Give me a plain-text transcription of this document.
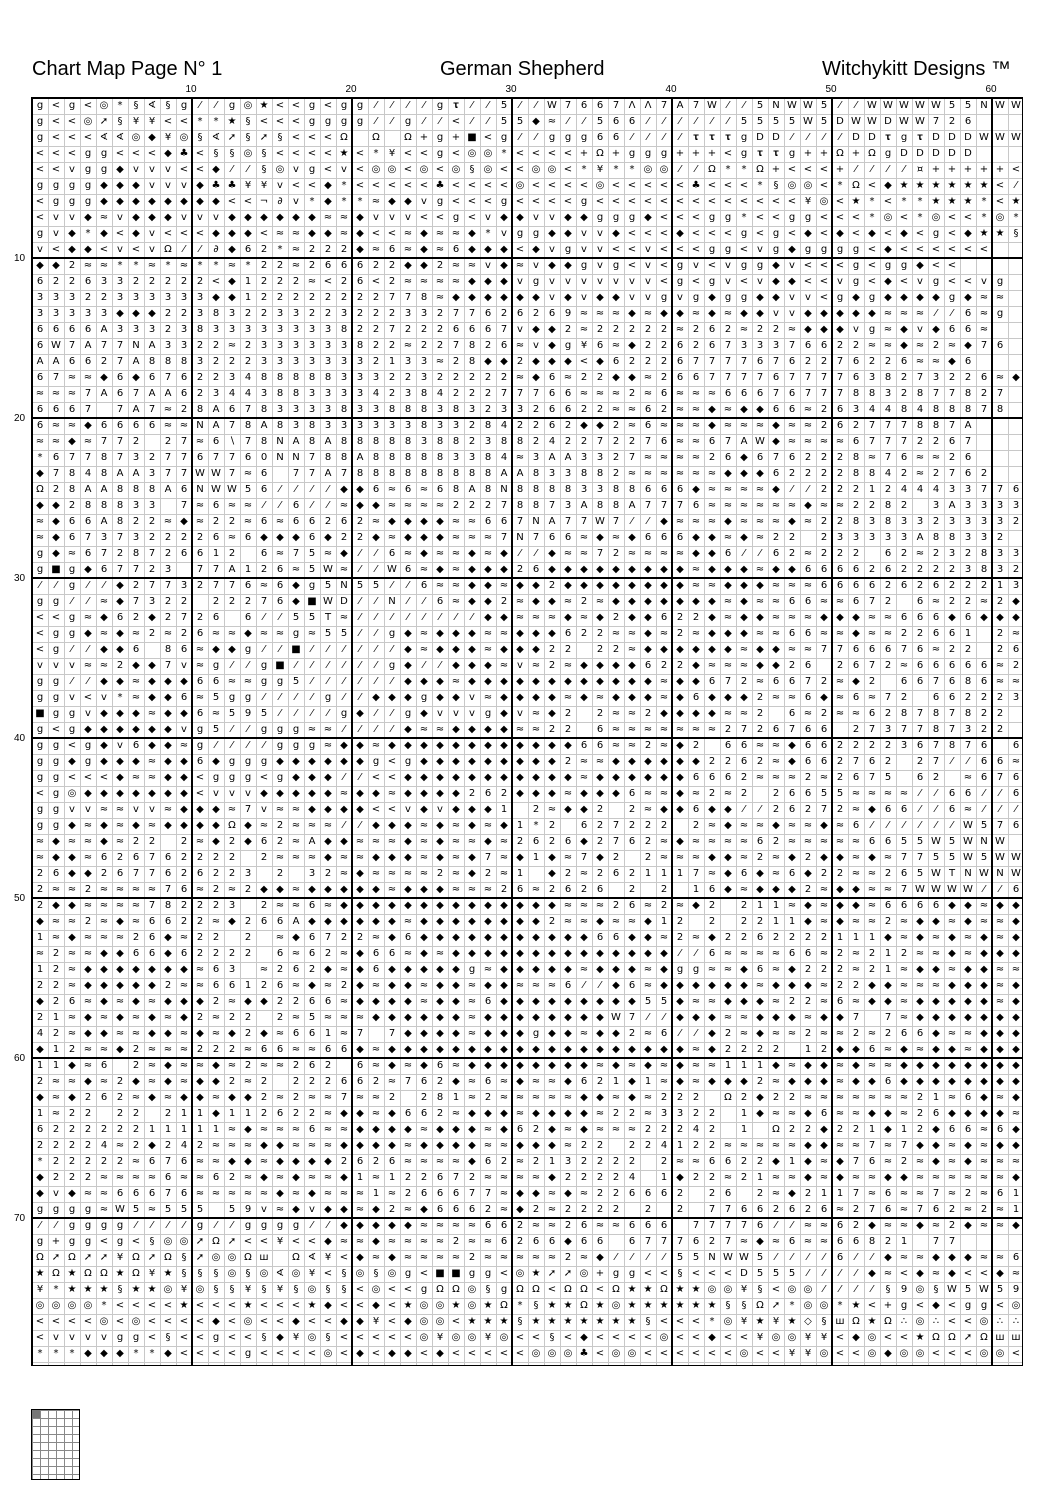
Chart Map Page N° 1	German Shepherd	Witchykitt Designs ™
10	20	30	40	50	60
10
20
30
40
50
60
70
g < g < ◎ * § ∢ § g ⁄ ⁄ g ◎ ★ < < g < g g ⁄ ⁄ ⁄ ⁄ g 𝛕 ⁄ ⁄ 5 ⁄ ⁄ W 7 6 6 7 Λ Λ 7 A 7 W ⁄ ⁄ 5 N W W 5 ⁄ ⁄ W W W W W 5 5 N W W
g < < ◎ ➚ § ¥ ¥ < < * * ★ § < < < g g g g ⁄ ⁄ g ⁄ ⁄ < ⁄ ⁄ 5 5 ◆ ≈ ⁄ ⁄ 5 6 6 ⁄ ⁄ ⁄ ⁄ ⁄ ⁄ 5 5 5 5 W 5 D W W D W W 7 2 6
g < < < ∢ ∢ ◎ ◆ ¥ ◎ § ∢ ➚ § ➚ § < < < Ω Ω Ω + g + ■ < g ⁄ ⁄ g g g 6 6 ⁄ ⁄ ⁄ ⁄ 𝛕 𝛕 𝛕 g D D ⁄ ⁄ ⁄ ⁄ D D 𝛕 g 𝛕 D D D W W W
< < < g g < < < ◆ ♣ < § § ◎ § < < < < ★ < * ¥ < < g < ◎ ◎ * < < < < + Ω + g g g + + + < g 𝛕 𝛕 g + + Ω + Ω g D D D D D
< < v g g ◆ v v v < < ◆ ⁄ ⁄ § ◎ v g < v < ◎ ◎ < ◎ < ◎ § ◎ < < ◎ ◎ < * ¥ * * ◎ ◎ ⁄ ⁄ Ω * * Ω + < < < + ⁄ ⁄ ⁄ ⁄ ¤ + + + + + <
g g g g ◆ ◆ ◆ v v v ◆ ♣ ♣ ¥ ¥ v < < ◆ * < < < < < ♣ < < < < ◎ < < < < ◎ < < < < < ♣ < < < * § ◎ ◎ < * Ω < ◆ ★ ★ ★ ★ ★ ★ < ⁄
< g g g ◆ ◆ ◆ ◆ ◆ ◆ ◆ ◆ < < ¬ ∂ v * ◆ * * ≈ ◆ ◆ v g < < < g < < < < g < < < < < < < < < < < < < ¥ ◎ < ★ * < * * ★ ★ ★ * < ★
< v v ◆ ≈ v ◆ ◆ ◆ v v v ◆ ◆ ◆ ◆ ◆ ◆ ≈ ≈ ◆ v v v < < g < v ◆ ◆ v v ◆ ◆ g g g ◆ < < < g g * < < g g < < < * ◎ < * ◎ < < * ◎ *
g v ◆ * ◆ < ◆ v < < < ◆ ◆ ◆ < ≈ ≈ ◆ ◆ ≈ ◆ < < ≈ ◆ ≈ ≈ ◆ * v g g ◆ ◆ v v ◆ < < < ◆ < < < g < g < ◆ < ◆ < ◆ < ◆ < g < ◆ ★ ★ §
v < ◆ ◆ < v < v Ω ⁄ ⁄ ∂ ◆ 6 2 * ≈ 2 2 2 ◆ ≈ 6 ≈ ◆ ≈ 6 ◆ ◆ ◆ < ◆ v g v v < < v < < < g g < v g ◆ g g g g < ◆ < < < < < <
◆ ◆ 2 ≈ ≈ * * ≈ * ≈ * * ≈ * 2 2 ≈ 2 6 6 6 2 2 ◆ ◆ 2 ≈ ≈ v ◆ ≈ v ◆ ◆ g v g < v < g v < v g g ◆ v < < < g < g g ◆ < <
6 2 2 6 3 3 2 2 2 2 2 < ◆ 1 2 2 2 ≈ < 2 6 < 2 ≈ ≈ ≈ ≈ ◆ ◆ ◆ v g v v v v v v v < g < g v < v ◆ ◆ < < v g < ◆ < v g < < v g
3 3 3 2 2 3 3 3 3 3 3 ◆ ◆ 1 2 2 2 2 2 2 2 2 7 7 8 ≈ ◆ ◆ ◆ ◆ ◆ ◆ v ◆ v ◆ ◆ v v g v g ◆ g g ◆ ◆ v v < g ◆ g ◆ ◆ ◆ ◆ g ◆ ≈ ≈
3 3 3 3 3 ◆ ◆ ◆ 2 2 3 8 3 2 2 3 3 2 2 3 2 2 2 3 3 2 7 7 6 2 6 2 6 9 ≈ ≈ ≈ ◆ ≈ ◆ ◆ ≈ ◆ ≈ ◆ ◆ v v ◆ ◆ ◆ ◆ ◆ ≈ ≈ ≈ ⁄ ⁄ 6 ≈ g
6 6 6 6 A 3 3 3 2 3 8 3 3 3 3 3 3 3 3 8 2 2 7 2 2 2 6 6 6 7 v ◆ ◆ 2 ≈ 2 2 2 2 2 ≈ 2 6 2 ≈ 2 2 ≈ ◆ ◆ ◆ v g ≈ ◆ v ◆ 6 6 ≈
6 W 7 A 7 7 N A 3 3 2 2 ≈ 2 3 3 3 3 3 3 8 2 2 ≈ 2 2 7 8 2 6 ≈ v ◆ g ¥ 6 ≈ ◆ 2 2 6 2 6 7 3 3 3 7 6 6 2 2 ≈ ≈ ◆ ≈ 2 ≈ ◆ 7 6
A A 6 6 2 7 A 8 8 8 3 2 2 2 3 3 3 3 3 3 3 2 1 3 3 ≈ 2 8 ◆ ◆ 2 ◆ ◆ ◆ < ◆ 6 2 2 2 6 7 7 7 7 6 7 6 2 2 7 6 2 2 6 ≈ ≈ ◆ 6
6 7 ≈ ≈ ◆ 6 ◆ 6 7 6 2 2 3 4 8 8 8 8 8 3 3 3 2 2 3 2 2 2 2 2 ≈ ◆ 6 ≈ 2 2 ◆ ◆ ≈ 2 6 6 7 7 7 7 6 7 7 7 7 6 3 8 2 7 3 2 2 6 ≈ ◆
≈ ≈ ≈ 7 A 6 7 A A 6 2 3 4 4 3 8 8 3 3 3 3 4 2 3 8 4 2 2 2 7 7 7 6 6 ≈ ≈ ≈ 2 ≈ 6 ≈ ≈ ≈ 6 6 6 7 6 7 7 7 8 8 3 2 8 7 7 8 2 7
6 6 6 7	7 A 7 ≈ 2 8 A 6 7 8 3 3 3 3 8 3 3 8 8 8 3 8 3 2 3 3 2 6 6 2 2 ≈ ≈ 6 2 ≈ ≈ ◆ ≈ ◆ ◆ 6 6 ≈ 2 6 3 4 4 8 4 8 8 8 7 8
6 ≈ ≈ ◆ 6 6 6 6 ≈ ≈ N A 7 8 A 8 3 8 3 3 3 3 3 3 8 3 3 2 8 4 2 2 6 2 ◆ ◆ 2 ≈ 6 ≈ ≈ ≈ ◆ ≈ ≈ ≈ ◆ ≈ ≈ 2 6 2 7 7 7 8 8 7 A
≈ ≈ ◆ ≈ 7 7 2	2 7 ≈ 6 ∖ 7 8 N A 8 A 8 8 8 8 8 3 8 8 2 3 8 8 2 4 2 2 7 2 2 7 6 ≈ ≈ 6 7 A W ◆ ≈ ≈ ≈ ≈ 6 7 7 7 2 2 6 7
* 6 7 7 8 7 3 2 7 7 6 7 7 6 0 N N 7 8 8 A 8 8 8 8 8 3 3 8 4 ≈ 3 A A 3 3 2 7 ≈ ≈ ≈ ≈ 2 6 ◆ 6 7 6 2 2 2 8 ≈ 7 6 ≈ ≈ 2 6
◆ 7 8 4 8 A A 3 7 7 W W 7 ≈ 6	7 7 A 7 8 8 8 8 8 8 8 8 8 A A 8 3 3 8 8 2 ≈ ≈ ≈ ≈ ≈ ≈ ◆ ◆ ◆ 6 2 2 2 2 8 8 4 2 ≈ 2 7 6 2
Ω 2 8 A A 8 8 8 A 6 N W W 5 6 ⁄ ⁄ ⁄ ⁄ ◆ ◆ 6 ≈ 6 ≈ 6 8 A 8 N 8 8 8 8 3 3 8 8 6 6 6 ◆ ≈ ≈ ≈ ≈ ◆ ⁄ ⁄ 2 2 2 1 2 4 4 4 3 3 7 7 6
◆ ◆ 2 8 8 8 3 3	7 ≈ 6 ≈ ≈ ⁄ ⁄ 6 ⁄ ⁄ ≈ ◆ ◆ ≈ ≈ ≈ ≈ 2 2 2 7 8 8 7 3 A 8 8 A 7 7 7 6 ≈ ≈ ≈ ≈ ≈ ≈ ◆ ≈ ≈ 2 2 8 2	3 A 3 3 3 3
≈ ◆ 6 6 A 8 2 2 ≈ ◆ ≈ 2 2 ≈ 6 ≈ 6 6 2 6 2 ≈ ◆ ◆ ◆ ◆ ≈ ≈ 6 6 7 N A 7 7 W 7 ⁄ ⁄ ◆ ≈ ≈ ≈ ◆ ≈ ≈ ≈ ◆ ≈ 2 2 8 3 8 3 3 2 3 3 3 3 2
≈ ◆ 6 7 3 7 3 2 2 2 2 6 ≈ 6 ◆ ◆ ◆ 6 ◆ 2 2 ◆ ≈ ◆ ◆ ◆ ≈ ≈ ≈ 7 N 7 6 6 ≈ ◆ ≈ ◆ 6 6 6 ◆ ◆ ≈ ◆ ≈ 2 2	2 3 3 3 3 3 A 8 8 3 3 2
g ◆ ≈ 6 7 2 8 7 2 6 6 1 2	6 ≈ 7 5 ≈ ◆ ⁄ ⁄ 6 ≈ ◆ ≈ ≈ ◆ ≈ ◆ ⁄ ⁄ ◆ ≈ ≈ 7 2 ≈ ≈ ≈ ≈ ◆ ◆ 6 ⁄ ⁄ 6 2 ≈ 2 2 2	6 2 ≈ 2 3 2 8 3 3
g ■ g ◆ 6 7 7 2 3	7 7 A 1 2 6 ≈ 5 W ≈ ⁄ ⁄ W 6 ≈ ◆ ≈ ◆ ◆ ◆ 2 6 ◆ ◆ ◆ ◆ ◆ ◆ ◆ ◆ ◆ ≈ ◆ ◆ ◆ ≈ ◆ ◆ 6 6 6 6 2 6 2 2 2 2 3 8 3 2
⁄ ⁄ g ⁄ ⁄ ◆ 2 7 7 3 2 7 7 6 ≈ 6 ◆ g 5 N 5 5 ⁄ ⁄ 6 ≈ ≈ ◆ ◆ ≈ ◆ ◆ 2 ◆ ◆ ◆ ◆ ◆ ◆ ◆ ◆ ≈ ≈ ◆ ◆ ◆ ≈ ≈ ≈ 6 6 6 6 2 6 2 6 2 2 2 1 3
g g ⁄ ⁄ ≈ ◆ 7 3 2 2	2 2 2 7 6 ◆ ■ W D ⁄ ⁄ N ⁄ ⁄ 6 ≈ ◆ ◆ 2 ≈ ◆ ◆ ≈ 2 ≈ ◆ ◆ ◆ ◆ ◆ ◆ ◆ ≈ ◆ ≈ ≈ 6 6 ≈ ≈ 6 7 2	6 ≈ 2 2 ≈ 2 ◆
< < g ≈ ◆ 6 2 ◆ 2 7 2 6	6 ⁄ ⁄ 5 5 T ≈ ⁄ ⁄ ⁄ ⁄ ⁄ ⁄ ⁄ ⁄ ◆ ◆ ≈ ≈ ≈ ◆ ≈ ◆ 2 ◆ ◆ 6 2 2 ◆ ≈ ◆ ◆ ≈ ≈ ≈ ◆ ◆ ◆ ≈ ≈ 6 6 6 ◆ 6 ◆ ◆ ◆
< g g ◆ ≈ ◆ ≈ 2 ≈ 2 6 ≈ ≈ ◆ ≈ ≈ g ≈ 5 5 ⁄ ⁄ g ◆ ≈ ◆ ◆ ◆ ≈ ≈ ◆ ◆ ◆ 6 2 2 ≈ ≈ ◆ ≈ 2 ≈ ◆ ◆ ◆ ≈ ≈ 6 6 ≈ ≈ ◆ ≈ ≈ 2 2 6 6 1	2 ≈
< g ⁄ ⁄ ◆ ◆ 6	8 6 ≈ ◆ ◆ g ⁄ ⁄ ■ ⁄ ⁄ ⁄ ⁄ ⁄ ⁄ ◆ ≈ ◆ ◆ ◆ ≈ ◆ ◆ ◆ 2 2	2 2 ≈ ◆ ◆ ◆ ◆ ◆ ◆ ≈ ◆ ◆ ≈ ≈ 7 7 6 6 6 7 6 ≈ 2 2	2 6
v v v ≈ ≈ 2 ◆ ◆ 7 v ≈ g ⁄ ⁄ g ■ ⁄ ⁄ ⁄ ⁄ ⁄ ⁄ g ◆ ⁄ ⁄ ◆ ◆ ◆ ≈ v ≈ 2 ≈ ◆ ◆ ◆ ◆ 6 2 2 ◆ ≈ ≈ ≈ ◆ ◆ 2 6	2 6 7 2 ≈ 6 6 6 6 6 ≈ 2
g g ⁄ ⁄ ◆ ◆ ≈ ◆ ◆ ◆ 6 6 ≈ ≈ g g 5 ⁄ ⁄ ⁄ ⁄ ⁄ ⁄ ◆ ◆ ◆ ≈ ◆ ◆ ◆ ◆ ◆ ◆ ◆ ◆ ◆ ◆ ◆ ◆ ≈ ◆ ◆ 6 7 2 ≈ 6 6 7 2 ≈ ◆ 2	6 6 7 6 8 6 ≈ ≈
g g v < v * ≈ ◆ ◆ 6 ≈ 5 g g ⁄ ⁄ ⁄ ⁄ g ⁄ ⁄ ◆ ◆ ◆ g ◆ ◆ v ≈ ◆ ◆ ◆ ◆ ≈ ◆ ≈ ◆ ◆ ◆ ≈ ◆ 6 ◆ ◆ ◆ 2 ≈ ≈ 6 ◆ ≈ 6 ≈ 7 2	6 6 2 2 2 3
■ g g v ◆ ◆ ◆ ≈ ◆ ◆ 6 ≈ 5 9 5 ⁄ ⁄ ⁄ ⁄ g ◆ ⁄ ⁄ g ◆ v v v g ◆ v ≈ ◆ 2	2 ≈ ≈ 2 ◆ ◆ ◆ ◆ ≈ ≈ 2	6 ≈ 2 ≈ ≈ 6 2 8 7 8 7 8 2 2
g < g ◆ ◆ ◆ ◆ ◆ ◆ v g 5 ⁄ ⁄ g g g ≈ ≈ ⁄ ⁄ ⁄ ⁄ ◆ ≈ ≈ ◆ ◆ ◆ ◆ ≈ ≈ 2 2	6 ≈ ≈ ≈ ≈ ≈ ≈ ≈ 2 7 2 6 7 6 6	2 7 3 7 7 8 7 3 2 2
g g < g ◆ v 6 ◆ ◆ ≈ g ⁄ ⁄ ⁄ ⁄ g g g ≈ ◆ ◆ ≈ ◆ ◆ ◆ ◆ ◆ ◆ ◆ ◆ ◆ ◆ ◆ ◆ 6 6 ≈ ≈ 2 ≈ ◆ 2	6 6 ≈ ≈ ◆ 6 6 2 2 2 2 3 6 7 8 7 6	6
g g ◆ g ◆ ◆ ◆ ≈ ◆ ◆ 6 ◆ g g g ◆ ◆ ◆ ◆ ◆ ◆ g < g ◆ ◆ ◆ ◆ ◆ ◆ ◆ ◆ ◆ 2 ≈ ≈ ◆ ◆ ◆ ◆ ◆ ◆ 2 2 6 2 ≈ ◆ 6 6 2 7 6 2	2 7 ⁄ ⁄ 6 6 ≈
g g < < < ◆ ≈ ≈ ◆ ◆ < g g g < g ◆ ◆ ◆ ⁄ ⁄ < < ◆ ◆ ◆ ◆ ◆ ◆ ◆ ◆ ◆ ◆ ◆ ≈ ◆ ◆ ◆ ◆ ◆ ◆ 6 6 6 2 ≈ ≈ ≈ 2 ≈ 2 6 7 5	6 2 ≈ 6 7 6
< g ◎ ◆ ◆ ◆ ◆ ◆ ◆ ◆ < v v v ◆ ◆ ◆ ◆ ◆ ≈ ◆ ◆ ≈ ◆ ◆ ◆ ◆ 2 6 2 ◆ ◆ ◆ ≈ ◆ ◆ ◆ 6 ≈ ≈ ◆ ≈ 2 ≈ 2	2 6 6 5 5 ≈ ≈ ≈ ≈ ⁄ ⁄ 6 6 ⁄ ⁄ 6
g g v v ≈ ≈ v v ≈ ◆ ◆ ◆ ≈ 7 v ≈ ≈ ◆ ◆ ◆ ◆ < < v ◆ v ◆ ◆ ◆ 1	2 ≈ ◆ ◆ 2	2 ≈ ◆ ◆ 6 ◆ ◆ ⁄ ⁄ 2 6 2 7 2 ≈ ◆ 6 6 ⁄ ⁄ 6 ≈ ⁄ ⁄ ⁄
g g ◆ ≈ ◆ ≈ ◆ ≈ ◆ ◆ ◆ ◆ Ω ◆ ≈ 2 ≈ ≈ ≈ ⁄ ⁄ ◆ ◆ ◆ ≈ ◆ ≈ ◆ ≈ ◆ 1 * 2	6 2 7 2 2 2	2 ≈ ◆ ≈ ≈ ◆ ≈ ≈ ◆ ≈ 6 ⁄ ⁄ ⁄ ⁄ ⁄ ⁄ W 5 7 6
≈ ◆ ≈ ≈ ◆ ≈ 2 2	2 ≈ ◆ 2 ◆ 6 2 ≈ A ◆ ◆ ≈ ≈ ≈ ◆ ≈ ◆ ≈ ≈ ◆ ≈ 2 6 2 6 ◆ 2 7 6 2 ≈ ◆ ≈ ≈ ≈ ≈ 6 2 ≈ ≈ ≈ ≈ ≈ 6 6 5 5 W 5 W N W
≈ ◆ ◆ ≈ 6 2 6 7 6 2 2 2 2	2 ≈ ≈ ≈ ◆ ≈ ≈ ◆ ◆ ◆ ≈ ◆ ≈ ◆ 7 ≈ ◆ 1 ◆ ≈ 7 ◆ 2	2 ≈ ≈ ≈ ◆ ◆ ≈ 2 ≈ ◆ 2 ◆ ◆ ≈ ◆ ≈ 7 7 5 5 W 5 W W
2 6 ◆ ◆ 2 6 7 7 6 2 6 2 2 3	2	3 2 ≈ ◆ ≈ ≈ ≈ ≈ 2 ≈ ◆ 2 ≈ 1 ◆ 2 ≈ 2 6 2 1 1 1 7 ≈ ◆ 6 ◆ ≈ 6 ◆ 2 2 ≈ ≈ 2 6 5 W T N W N W
2 ≈ ≈ 2 ≈ ≈ ≈ ≈ 7 6 ≈ 2 ≈ 2 ◆ ◆ ≈ ◆ ◆ ◆ ◆ ◆ ≈ ◆ ◆ ◆ ≈ ≈ ≈ 2 6 ≈ 2 6 2 6	2	2	1 6 ◆ ≈ ◆ ◆ ◆ 2 ≈ ◆ ◆ ≈ ≈ 7 W W W W ⁄ ⁄ 6
2 ◆ ◆ ≈ ≈ ≈ ≈ 7 8 2 2 2 3	2 ≈ ≈ 6 ≈ ◆ ◆ ◆ ◆ ◆ ◆ ◆ ◆ ◆ ◆ ◆ ◆ ◆ ◆ ≈ ≈ ≈ 2 6 ≈ 2 ≈ ◆ 2	2 1 1 ≈ ◆ ≈ ◆ ◆ ≈ 6 6 6 6 ◆ ◆ ≈ ◆ ◆
◆ ≈ ≈ 2 ≈ ◆ ≈ 6 6 2 2 ≈ ◆ 2 6 6 A ◆ ◆ ◆ ◆ ◆ ◆ ≈ ◆ ◆ ◆ ◆ ◆ ◆ ◆ ◆ 2 ≈ ≈ ◆ ≈ ≈ ◆ 1 2	2	2 2 1 1 ◆ ≈ ◆ ≈ ≈ 2 ≈ ◆ ◆ ≈ ◆ ≈ ≈ ◆
1 ≈ ◆ ≈ ≈ ≈ 2 6 ◆ ≈ 2 2	2 ≈ ◆ 6 7 2 2 ≈ ◆ 6 ◆ ◆ ◆ ◆ ◆ ◆ ◆ ◆ ◆ ◆ ◆ 6 6 ◆ ◆ ≈ 2 ≈ ◆ 2 2 6 2 2 2 2 1 1 1 ◆ ≈ ◆ ≈ ◆ ≈ ◆ ≈ ◆
≈ 2 ≈ ≈ ◆ ◆ 6 6 ◆ 6 2 2 2 2	6 ≈ 6 2 ≈ ◆ 6 6 ≈ ◆ ≈ ◆ ◆ ◆ ◆ ◆ ◆ ◆ ◆ ◆ ◆ ◆ ◆ ◆ ◆ ⁄ ⁄ 6 ≈ ≈ ≈ ≈ 6 6 ≈ 2 ≈ 2 1 2 ≈ ≈ ◆ ≈ ◆ ◆ ◆
1 2 ≈ ◆ ◆ ◆ ◆ ◆ ◆ ◆ ≈ 6 3 ≈ 2 6 2 ◆ ≈ ◆ 6 ◆ ◆ ◆ ◆ ◆ g ≈ ◆ ◆ ◆ ◆ ◆ ≈ ◆ ◆ ◆ ≈ ◆ g g ≈ ≈ ◆ 6 ≈ ◆ 2 2 2 ≈ 2 1 ≈ ◆ ◆ ≈ ◆ ◆ ≈ ≈
2 2 ≈ ◆ ◆ ◆ ◆ ◆ 2 ≈ ≈ 6 6 1 2 6 ≈ ◆ ≈ 2 ◆ ≈ ◆ ◆ ≈ ◆ ◆ ≈ ◆ ◆ ≈ ≈ ≈ 6 ⁄ ⁄ ◆ 6 ≈ ◆ ◆ ◆ ◆ ◆ ◆ ≈ ◆ ◆ ◆ ≈ 2 2 ◆ ◆ ≈ ≈ ≈ ◆ ◆ ◆ ≈ ◆
◆ 2 6 ≈ ◆ ≈ ◆ ≈ ◆ ◆ ◆ 2 ≈ ◆ ◆ 2 2 6 6 ≈ ◆ ◆ ◆ ◆ ≈ ◆ ◆ ≈ 6 ◆ ◆ ◆ ◆ ◆ ◆ ◆ ◆ ◆ 5 5 ◆ ≈ ≈ ◆ ◆ ◆ ≈ 2 2 ≈ 6 ≈ ◆ ◆ ≈ ◆ ◆ ◆ ◆ ◆ ≈ ◆
2 1 ≈ ◆ ≈ ◆ ≈ ◆ ≈ ◆ 2 ≈ 2 2	2 ≈ 5 ≈ ≈ ≈ ◆ ◆ ◆ ◆ ◆ ◆ ≈ ◆ ◆ ◆ ◆ ◆ ◆ ◆ ◆ W 7 ⁄ ⁄ ◆ ◆ ◆ ≈ ≈ ◆ ◆ ◆ ≈ ◆ ◆ 7	7 ≈ ◆ ◆ ◆ ◆ ◆ ◆ ◆
4 2 ≈ ◆ ◆ ≈ ≈ ◆ ◆ ≈ ◆ ≈ ◆ 2 ◆ ≈ 6 6 1 ≈ 7	7 ◆ ◆ ◆ ◆ ≈ ◆ ◆ ◆ g ◆ ◆ ≈ ◆ ◆ 2 ≈ 6 ⁄ ⁄ ◆ 2 ≈ ◆ ≈ ≈ 2 ≈ ≈ 2 ≈ 2 6 6 ◆ ≈ ≈ ◆ ◆ ◆
◆ 1 2 ≈ ≈ ◆ 2 ≈ ≈ ≈ 2 2 2 ≈ 6 6 ≈ ≈ 6 6 ◆ ≈ ◆ ◆ ◆ ◆ ◆ ◆ ◆ ◆ ◆ ◆ ◆ ◆ ◆ ◆ ◆ ◆ ◆ ◆ ◆ ≈ ◆ 2 2 2 2	1 2 ◆ ◆ 6 ≈ ◆ ≈ ◆ ◆ ≈ ◆ ◆ ◆
1 1 ◆ ≈ 6	2 ≈ ◆ ≈ ≈ ◆ ≈ 2 ≈ ≈ 2 6 2	6 ≈ ◆ ≈ ◆ 6 ≈ ◆ ◆ ◆ ◆ ◆ ◆ ◆ ◆ ≈ ◆ ≈ ◆ ≈ ◆ ≈ ≈ 1 1 1 ◆ ≈ ◆ ◆ ≈ ◆ ≈ ≈ ◆ ◆ ◆ ◆ ◆ ◆ ◆ ◆
2 ≈ ≈ ◆ ≈ 2 ◆ ≈ ◆ ≈ ◆ ◆ 2 ≈ 2	2 2 2 6 6 2 ≈ 7 6 2 ◆ ≈ 6 ≈ ◆ ≈ ≈ ◆ 6 2 1 ◆ 1 ≈ ◆ ≈ ◆ ◆ ◆ 2 ≈ ◆ ◆ ◆ ≈ ◆ ◆ 6 ◆ ◆ ◆ ◆ ◆ ◆ ◆ ◆
◆ ≈ ◆ 2 6 2 ≈ ◆ ≈ ◆ ◆ ≈ ◆ ◆ 2 ≈ 2 ≈ ≈ 7 ≈ ≈ 2	2 8 1 ≈ 2 ≈ ≈ ≈ ≈ ≈ ◆ ◆ ≈ ◆ ≈ 2 2 2 Ω 2 ◆ 2 2 ≈ ≈ ≈ ≈ ≈ ≈ ≈ 2 1 ≈ 6 ◆ ≈ ◆
1 ≈ 2 2	2 2	2 1 1 ◆ 1 1 2 6 2 2 ≈ ◆ ◆ ≈ ◆ 6 6 2 ≈ ◆ ◆ ◆ ≈ ◆ ◆ ◆ ◆ ≈ 2 2 ≈ 3 3 2 2	1 ◆ ≈ ≈ ◆ 6 ≈ ≈ ◆ ◆ ≈ 2 6 ◆ ◆ ◆ ◆ ≈
6 2 2 2 2 2 2 1 1 1 1 1 ≈ ◆ ≈ ≈ ≈ 6 ≈ ≈ ◆ ◆ ◆ ◆ ≈ ◆ ◆ ◆ ≈ ◆ 6 2 ◆ ≈ ◆ ≈ ≈ ≈ 2 2 2 4 2	1 Ω 2 2 ◆ 2 2 1 ◆ 1 2 ◆ 6 6 ≈ 6 ◆
2 2 2 2 4 ≈ 2 ◆ 2 4 2 ≈ ≈ ≈ ◆ ◆ ≈ ≈ ≈ ◆ ◆ ◆ ◆ ≈ ◆ ◆ ◆ ◆ ≈ ≈ ◆ ◆ ◆ ≈ 2 2	2 2 4 1 2 2 ≈ ≈ ≈ ≈ ≈ ◆ ◆ ≈ ≈ 7 ≈ 7 ◆ ◆ ≈ ◆ ≈ ◆ ◆
* 2 2 2 2 2 ≈ 6 7 6 ≈ ≈ ◆ ◆ ≈ ◆ ◆ ◆ ◆ 2 6 2 6 ≈ ≈ ≈ ≈ ◆ 6 2 ≈ 2 1 3 2 2 2 2	2 ≈ ≈ 6 6 2 2 ◆ 1 ◆ ≈ ◆ 7 6 ≈ 2 ≈ ◆ ≈ ◆ ≈ ≈ ≈
◆ 2 2 2 ≈ ≈ ≈ ≈ 6 ≈ ≈ 6 2 ≈ ◆ ≈ ◆ ≈ ≈ ◆ 1 ≈ 1 2 2 6 7 2 ≈ ≈ ≈ ≈ ◆ 2 2 2 2 4	1 ◆ 2 2 ≈ 2 1 ≈ ≈ ◆ ≈ ◆ ≈ ≈ ◆ ◆ ≈ ≈ ≈ ≈ ≈ ≈ ◆
◆ v ◆ ≈ ≈ 6 6 6 7 6 ≈ ≈ ≈ ≈ ≈ ◆ ≈ ◆ ≈ ≈ ≈ 1 ≈ 2 6 6 6 7 7 ≈ ◆ ◆ ≈ ◆ ≈ 2 2 6 6 6 2	2 6	2 ≈ ◆ 2 1 1 7 ≈ 6 ≈ ≈ 7 ≈ 2 ≈ 6 1
g g g g ≈ W 5 ≈ 5 5 5	5 9 v ≈ ◆ v ◆ ◆ ≈ ◆ 2 ≈ ◆ 6 6 6 2 ≈ ◆ 2 ≈ 2 2 2 2	2	2	7 7 6 6 2 6 2 6 ≈ 2 7 6 ≈ 7 6 2 ≈ 2 ≈ 1
⁄ ⁄ g g g g ⁄ ⁄ ⁄ ⁄ g ⁄ ⁄ g g g g ⁄ ⁄ ◆ ◆ ◆ ◆ ◆ ≈ ≈ ≈ ≈ 6 6 2 ≈ ≈ 2 6 ≈ ≈ 6 6 6	7 7 7 7 6 ⁄ ⁄ ≈ ≈ 6 2 ◆ ≈ ≈ ◆ ≈ 2 ◆ ≈ ≈ ◆
g + g g < g < § ◎ ◎ ➚ Ω ➚ < < ¥ < < ◆ ≈ ≈ ◆ ≈ ≈ ≈ ≈ 2 ≈ ≈ 6 2 6 6 ◆ 6 6	6 7 7 7 6 2 7 ≈ ◆ ≈ 6 ≈ ≈ 6 6 8 2 1	7 7
Ω ➚ Ω ➚ ➚ ¥ Ω ➚ Ω § ➚ ◎ ◎ Ω ш Ω ∢ ¥ < ◆ ≈ ◆ ≈ ≈ ≈ ≈ 2 ≈ ≈ ≈ ≈ ≈ 2 ≈ ◆ ⁄ ⁄ ⁄ ⁄ 5 5 N W W 5 ⁄ ⁄ ⁄ ⁄ 6 ⁄ ⁄ ◆ ≈ ≈ ◆ ◆ ◆ ≈ ≈ 6
★ Ω ★ Ω Ω ★ Ω ¥ ★ § § § ◎ § ◎ ∢ ◎ ¥ < § ◎ § ◎ g < ■ ■ g g < ◎ ★ ➚ ➚ ◎ + g g < < § < < < D 5 5 5 ⁄ ⁄ ⁄ ⁄ ◆ ≈ < ◆ ≈ ◆ < < ◆ ≈
¥ * ★ ★ ★ § ★ ★ ◎ ¥ ◎ § § ¥ § ¥ § ◎ § § < ◎ < < g Ω Ω ◎ § g Ω Ω < Ω Ω < Ω ★ ★ Ω ★ ★ ◎ ◎ ¥ § < ◎ ◎ ⁄ ⁄ ⁄ ⁄ § 9 ◎ § W 5 W 5 9
◎ ◎ ◎ ◎ * < < < < ★ < < < ★ < < < ★ ◆ < < ◆ < ★ ◎ ◎ ★ ◎ ★ Ω * § ★ ★ Ω ★ ◎ ★ ★ ★ ★ ★ ★ § § Ω ➚ * ◎ ◎ * ★ < + g < ◆ < g g < ◎
< < < < ◎ < ◎ < < < < ◆ < ◎ < < ◆ < < ◆ ◆ ¥ < ◆ ◎ ◎ < ★ ★ ★ § ★ ★ ★ ★ ★ ★ ★ § < < < * ◎ ¥ ★ ¥ ★ ◇ § ш Ω ★ Ω ∴ ◎ ∴ < < ◎ ∴ ∴
< v v v v g g < § < < g < < § ◆ ¥ ◎ § < < < < < ◎ ¥ ◎ ◎ ¥ ◎ < < § < ◆ < < < < ◎ < < ◆ < < ¥ ◎ ◎ ¥ ¥ < ◆ ◎ < < ★ Ω Ω ➚ Ω ш ш
* * * ◆ ◆ ◆ * * ◆ < < < < g < < < < ◎ < ◆ < ◆ ◆ < ◆ < < < < < ◎ ◎ ◎ ♣ < ◎ ◎ < < < < < < ◎ < < ¥ ¥ ◎ < < ◎ ◆ ◎ ◎ < < < ◎ ◎ <
